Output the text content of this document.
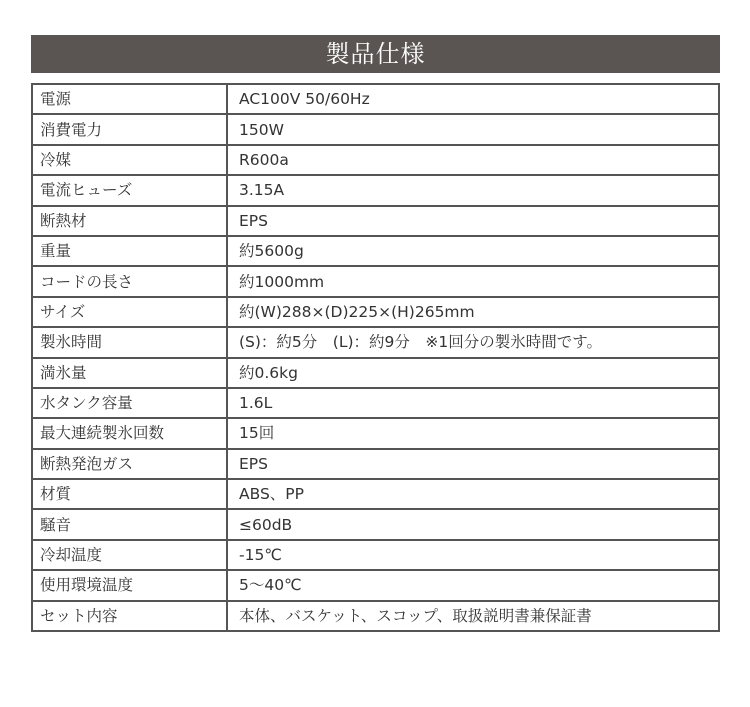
製品仕様
電源	AC100V 50/60Hz
消費電力	150W
冷媒	R600a
電流ヒューズ	3.15A
断熱材	EPS
重量	約5600g
コードの長さ	約1000mm
サイズ	約(W)288×(D)225×(H)265mm
製氷時間	(S)：約5分　(L)：約9分　※1回分の製氷時間です。
満氷量	約0.6kg
水タンク容量	1.6L
最大連続製氷回数	15回
断熱発泡ガス	EPS
材質	ABS、PP
騒音	≤60dB
冷却温度	-15℃
使用環境温度	5〜40℃
セット内容	本体、バスケット、スコップ、取扱説明書兼保証書
